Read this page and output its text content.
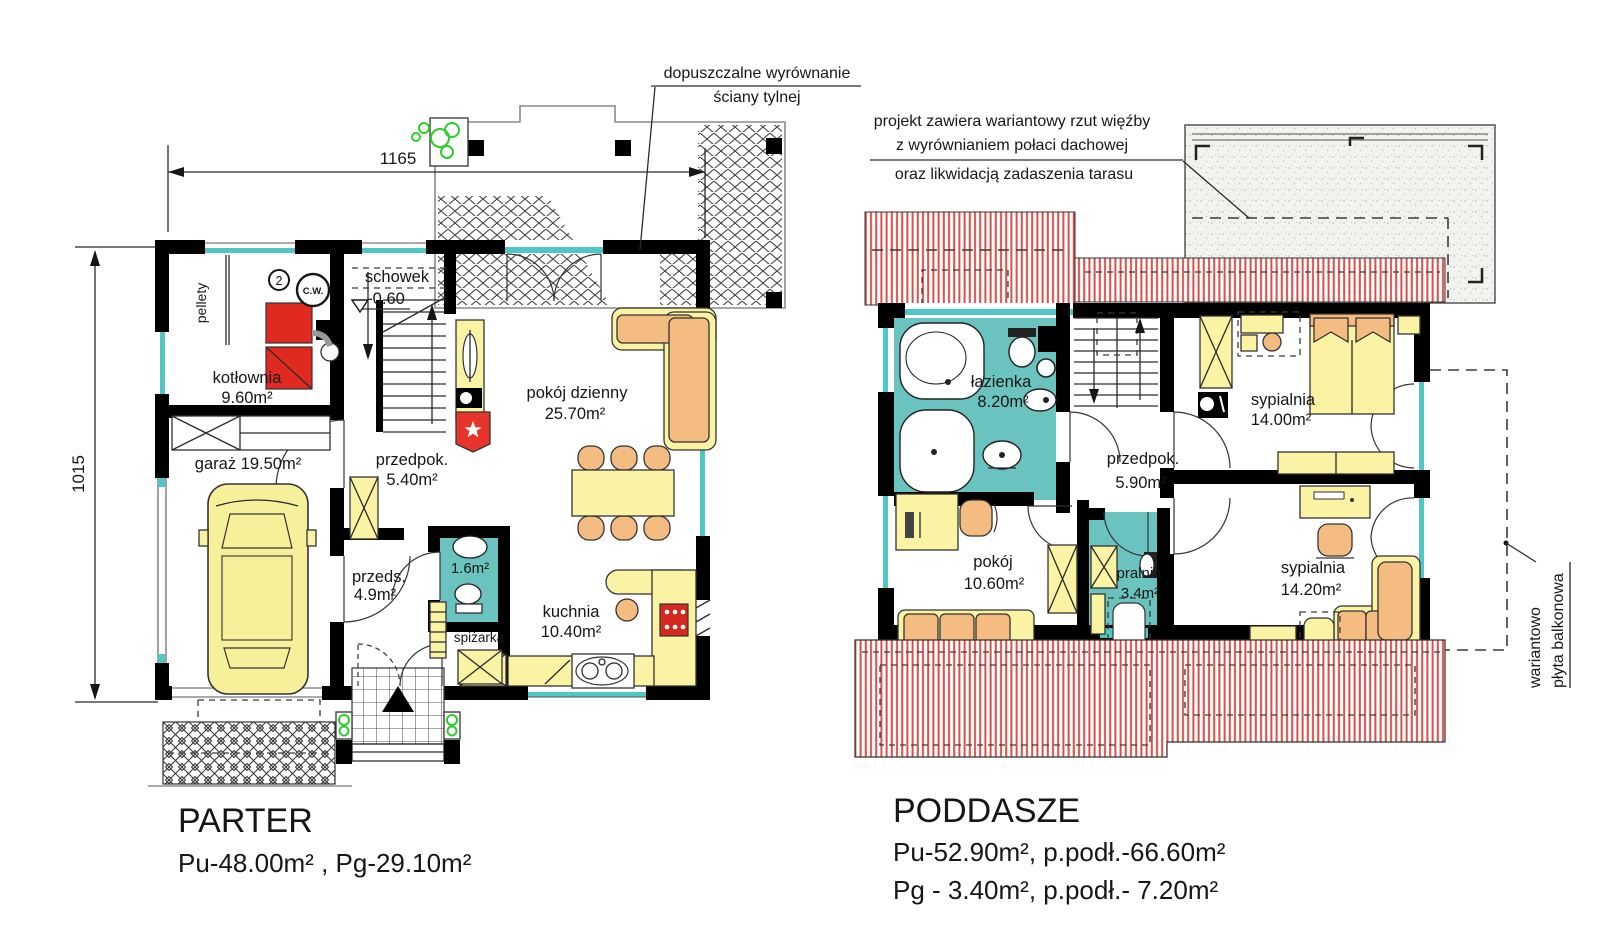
1165
1015
2
C.W.
pellety
kotłownia
9.60m²
schowek
-0.60
pokój dzienny
25.70m²
przedpok.
5.40m²
garaż 19.50m²
przeds.
4.9m²
1.6m²
kuchnia
10.40m²
spiżarka
łazienka
8.20m²	sypialnia
14.00m²
przedpok.
5.90m²
pokój
10.60m²
pralnia
3.4m²
sypialnia
14.20m²
dopuszczalne wyrównanie
ściany tylnej
projekt zawiera wariantowy rzut więźby
z wyrównianiem połaci dachowej
oraz likwidacją zadaszenia tarasu
wariantowo płyta balkonowa
PARTER
Pu-48.00m² , Pg-29.10m²
PODDASZE
Pu-52.90m², p.podł.-66.60m²
Pg - 3.40m², p.podł.- 7.20m²
